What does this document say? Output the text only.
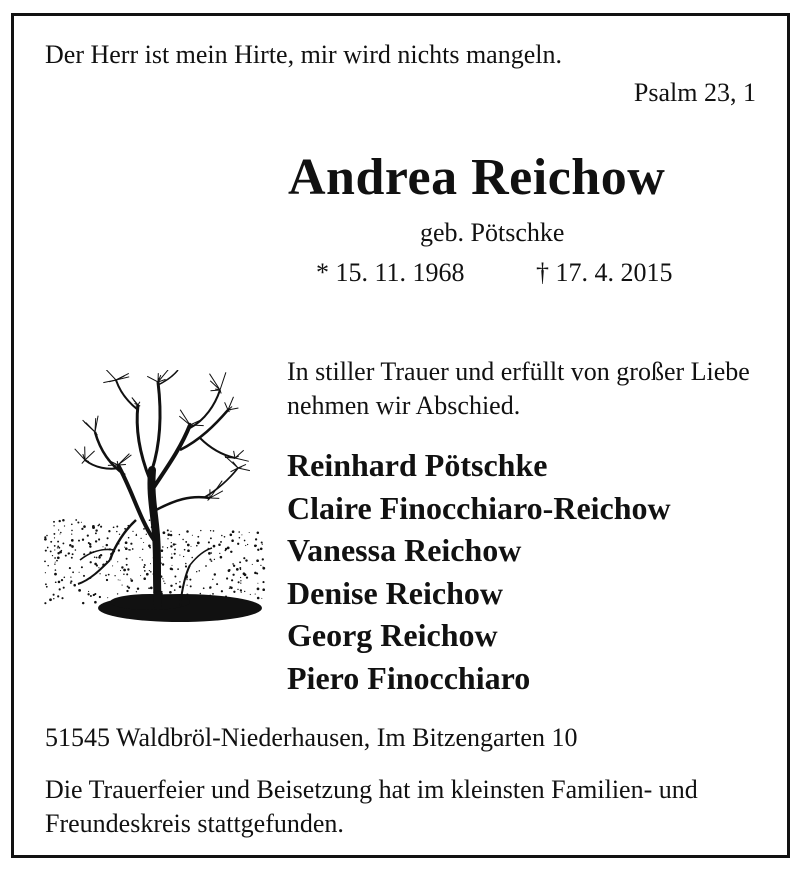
Der Herr ist mein Hirte, mir wird nichts mangeln.
Psalm 23, 1
Andrea Reichow
geb. Pötschke
* 15. 11. 1968	† 17. 4. 2015
In stiller Trauer und erfüllt von großer Liebe nehmen wir Abschied.
Reinhard Pötschke
Claire Finocchiaro-Reichow
Vanessa Reichow
Denise Reichow
Georg Reichow
Piero Finocchiaro
51545 Waldbröl-Niederhausen, Im Bitzengarten 10
Die Trauerfeier und Beisetzung hat im kleinsten Familien- und Freundeskreis stattgefunden.
